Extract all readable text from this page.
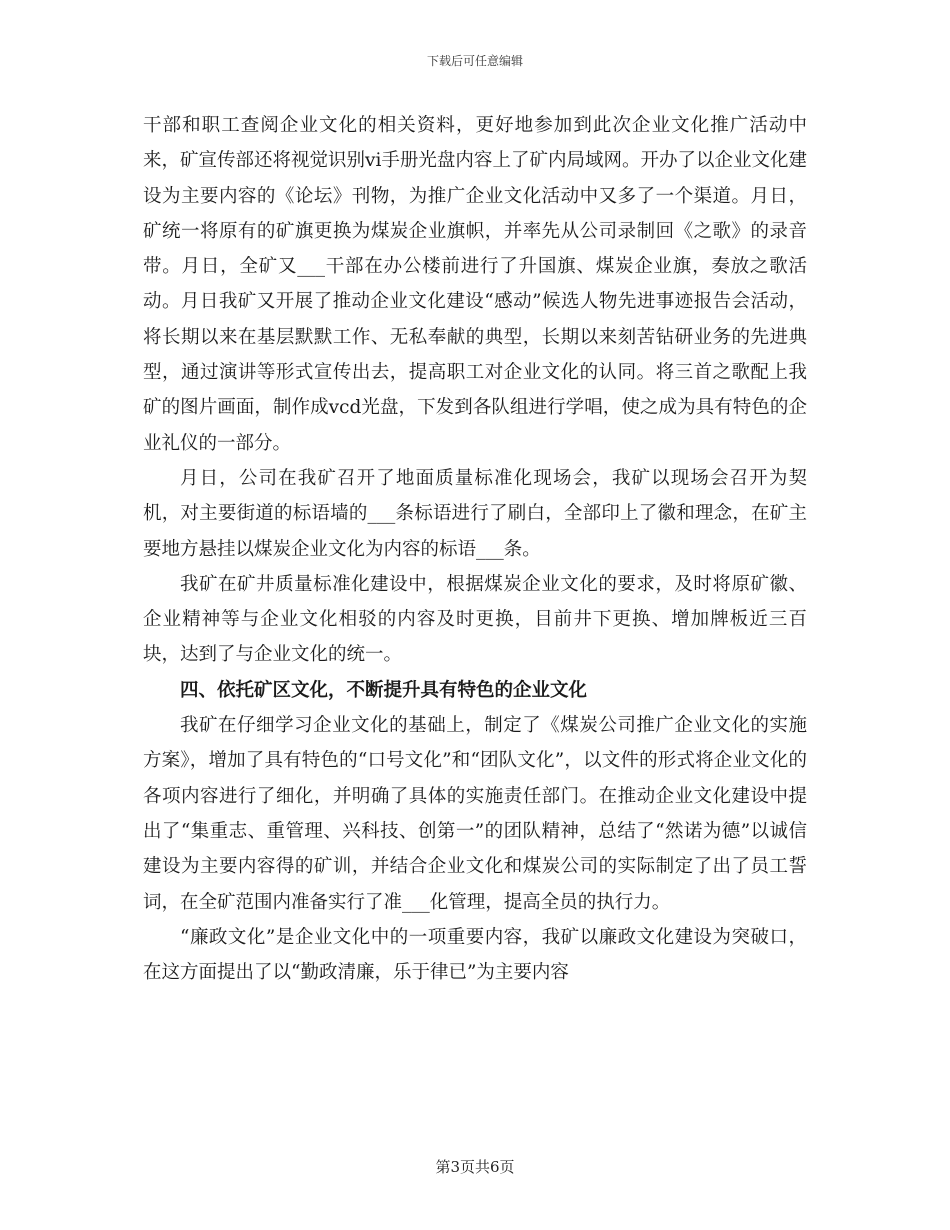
下载后可任意编辑

干部和职工查阅企业文化的相关资料，更好地参加到此次企业文化推广活动中来，矿宣传部还将视觉识别vi手册光盘内容上了矿内局域网。开办了以企业文化建设为主要内容的《论坛》刊物，为推广企业文化活动中又多了一个渠道。月日，矿统一将原有的矿旗更换为煤炭企业旗帜，并率先从公司录制回《之歌》的录音带。月日，全矿又___干部在办公楼前进行了升国旗、煤炭企业旗，奏放之歌活动。月日我矿又开展了推动企业文化建设“感动”候选人物先进事迹报告会活动，将长期以来在基层默默工作、无私奉献的典型，长期以来刻苦钻研业务的先进典型，通过演讲等形式宣传出去，提高职工对企业文化的认同。将三首之歌配上我矿的图片画面，制作成vcd光盘，下发到各队组进行学唱，使之成为具有特色的企业礼仪的一部分。

月日，公司在我矿召开了地面质量标准化现场会，我矿以现场会召开为契机，对主要街道的标语墙的___条标语进行了刷白，全部印上了徽和理念，在矿主要地方悬挂以煤炭企业文化为内容的标语___条。

我矿在矿井质量标准化建设中，根据煤炭企业文化的要求，及时将原矿徽、企业精神等与企业文化相驳的内容及时更换，目前井下更换、增加牌板近三百块，达到了与企业文化的统一。

四、依托矿区文化，不断提升具有特色的企业文化

我矿在仔细学习企业文化的基础上，制定了《煤炭公司推广企业文化的实施方案》，增加了具有特色的“口号文化”和“团队文化”，以文件的形式将企业文化的各项内容进行了细化，并明确了具体的实施责任部门。在推动企业文化建设中提出了“集重志、重管理、兴科技、创第一”的团队精神，总结了“然诺为德”以诚信建设为主要内容得的矿训，并结合企业文化和煤炭公司的实际制定了出了员工誓词，在全矿范围内准备实行了准___化管理，提高全员的执行力。

“廉政文化”是企业文化中的一项重要内容，我矿以廉政文化建设为突破口，在这方面提出了以“勤政清廉，乐于律已”为主要内容

第3页共6页
